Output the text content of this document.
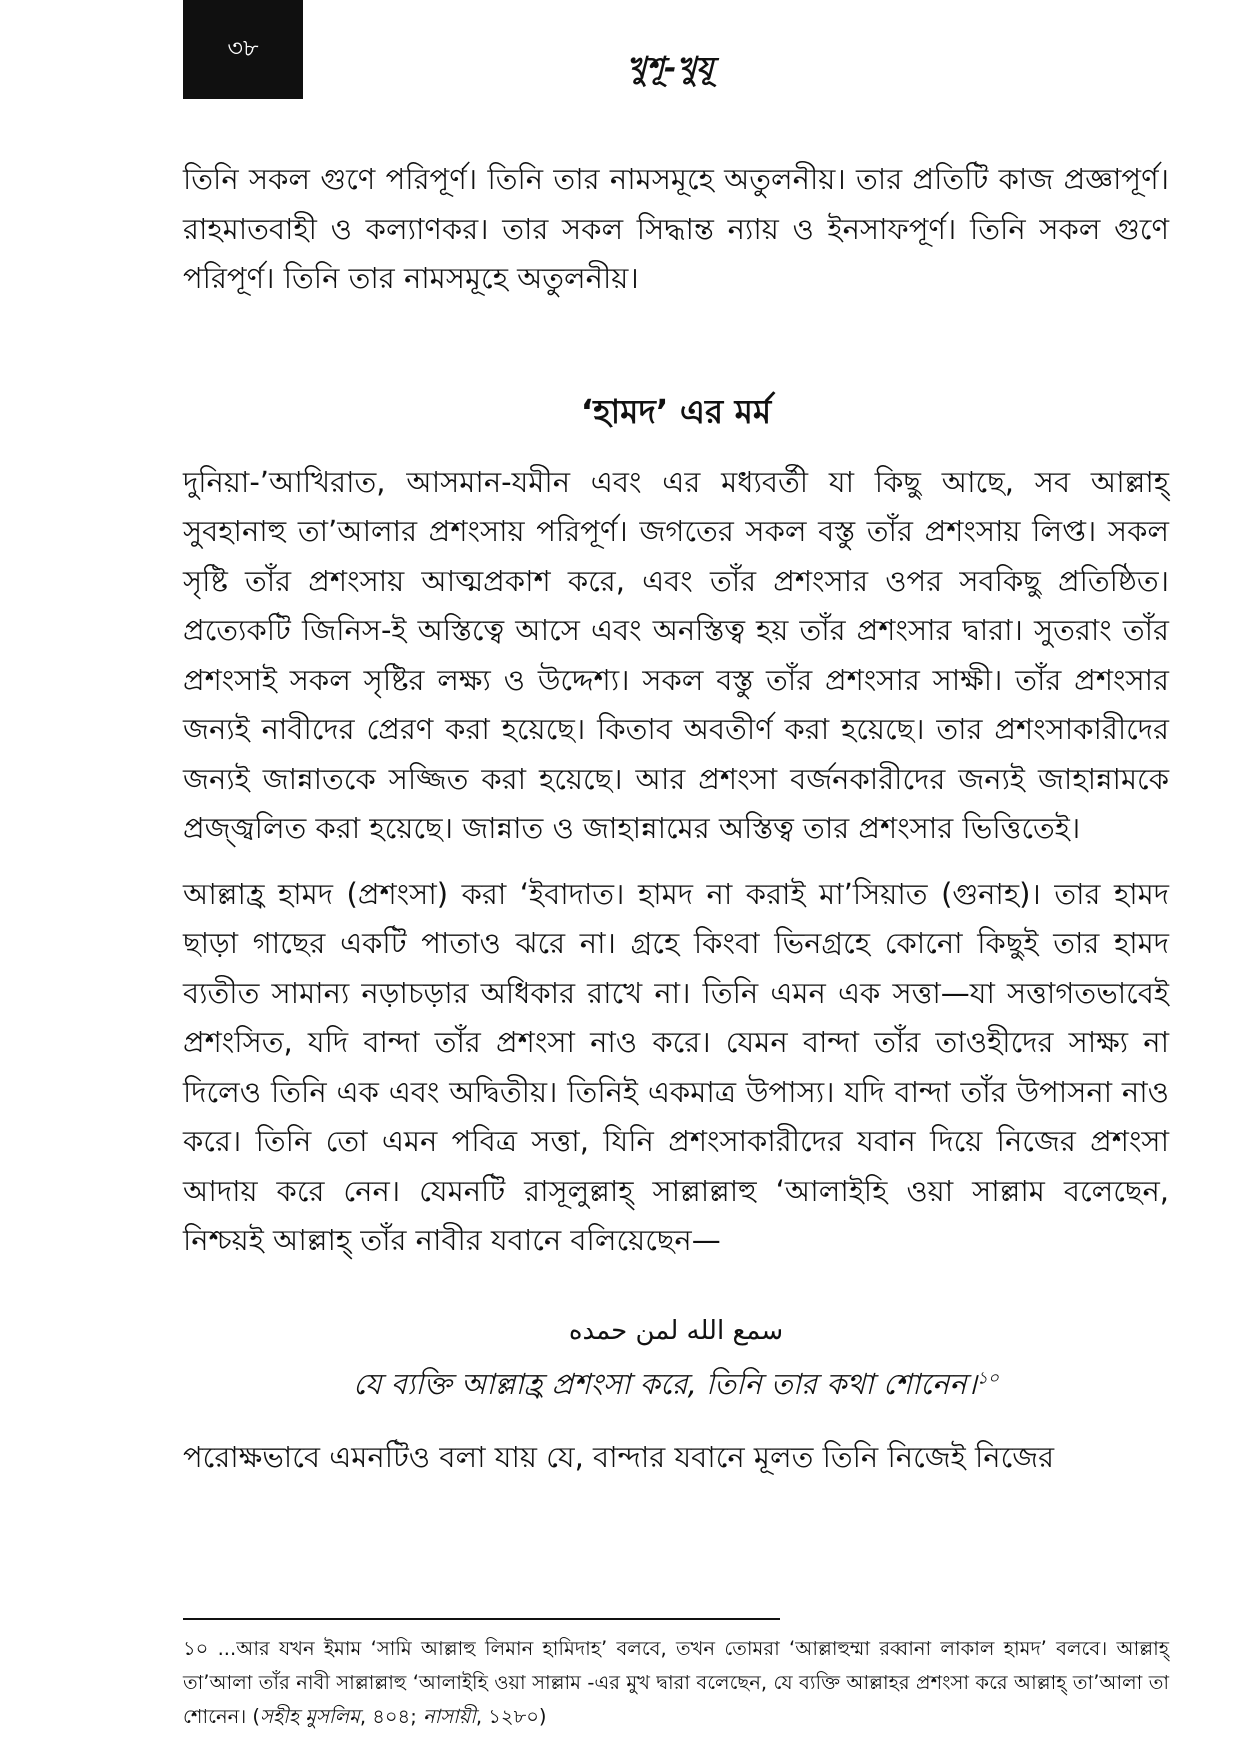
৩৮
খুশূ-খুযূ

তিনি সকল গুণে পরিপূর্ণ। তিনি তার নামসমূহে অতুলনীয়। তার প্রতিটি কাজ প্রজ্ঞাপূর্ণ। রাহমাতবাহী ও কল্যাণকর। তার সকল সিদ্ধান্ত ন্যায় ও ইনসাফপূর্ণ। তিনি সকল গুণে পরিপূর্ণ। তিনি তার নামসমূহে অতুলনীয়।

‘হামদ’ এর মর্ম

দুনিয়া-’আখিরাত, আসমান-যমীন এবং এর মধ্যবর্তী যা কিছু আছে, সব আল্লাহ্ সুবহানাহু তা’আলার প্রশংসায় পরিপূর্ণ। জগতের সকল বস্তু তাঁর প্রশংসায় লিপ্ত। সকল সৃষ্টি তাঁর প্রশংসায় আত্মপ্রকাশ করে, এবং তাঁর প্রশংসার ওপর সবকিছু প্রতিষ্ঠিত। প্রত্যেকটি জিনিস-ই অস্তিত্বে আসে এবং অনস্তিত্ব হয় তাঁর প্রশংসার দ্বারা। সুতরাং তাঁর প্রশংসাই সকল সৃষ্টির লক্ষ্য ও উদ্দেশ্য। সকল বস্তু তাঁর প্রশংসার সাক্ষী। তাঁর প্রশংসার জন্যই নাবীদের প্রেরণ করা হয়েছে। কিতাব অবতীর্ণ করা হয়েছে। তার প্রশংসাকারীদের জন্যই জান্নাতকে সজ্জিত করা হয়েছে। আর প্রশংসা বর্জনকারীদের জন্যই জাহান্নামকে প্রজ্জ্বলিত করা হয়েছে। জান্নাত ও জাহান্নামের অস্তিত্ব তার প্রশংসার ভিত্তিতেই।

আল্লাহ্র হামদ (প্রশংসা) করা ‘ইবাদাত। হামদ না করাই মা’সিয়াত (গুনাহ)। তার হামদ ছাড়া গাছের একটি পাতাও ঝরে না। গ্রহে কিংবা ভিনগ্রহে কোনো কিছুই তার হামদ ব্যতীত সামান্য নড়াচড়ার অধিকার রাখে না। তিনি এমন এক সত্তা—যা সত্তাগতভাবেই প্রশংসিত, যদি বান্দা তাঁর প্রশংসা নাও করে। যেমন বান্দা তাঁর তাওহীদের সাক্ষ্য না দিলেও তিনি এক এবং অদ্বিতীয়। তিনিই একমাত্র উপাস্য। যদি বান্দা তাঁর উপাসনা নাও করে। তিনি তো এমন পবিত্র সত্তা, যিনি প্রশংসাকারীদের যবান দিয়ে নিজের প্রশংসা আদায় করে নেন। যেমনটি রাসূলুল্লাহ্ সাল্লাল্লাহু ‘আলাইহি ওয়া সাল্লাম বলেছেন, নিশ্চয়ই আল্লাহ্ তাঁর নাবীর যবানে বলিয়েছেন—

سمع الله لمن حمده

যে ব্যক্তি আল্লাহ্র প্রশংসা করে, তিনি তার কথা শোনেন।$^{১০}$

পরোক্ষভাবে এমনটিও বলা যায় যে, বান্দার যবানে মূলত তিনি নিজেই নিজের

১০ ...আর যখন ইমাম ‘সামি আল্লাহু লিমান হামিদাহ’ বলবে, তখন তোমরা ‘আল্লাহুম্মা রব্বানা লাকাল হামদ’ বলবে। আল্লাহ্ তা’আলা তাঁর নাবী সাল্লাল্লাহু ‘আলাইহি ওয়া সাল্লাম -এর মুখ দ্বারা বলেছেন, যে ব্যক্তি আল্লাহর প্রশংসা করে আল্লাহ্ তা’আলা তা শোনেন। (সহীহ মুসলিম, ৪০৪; নাসায়ী, ১২৮০)
